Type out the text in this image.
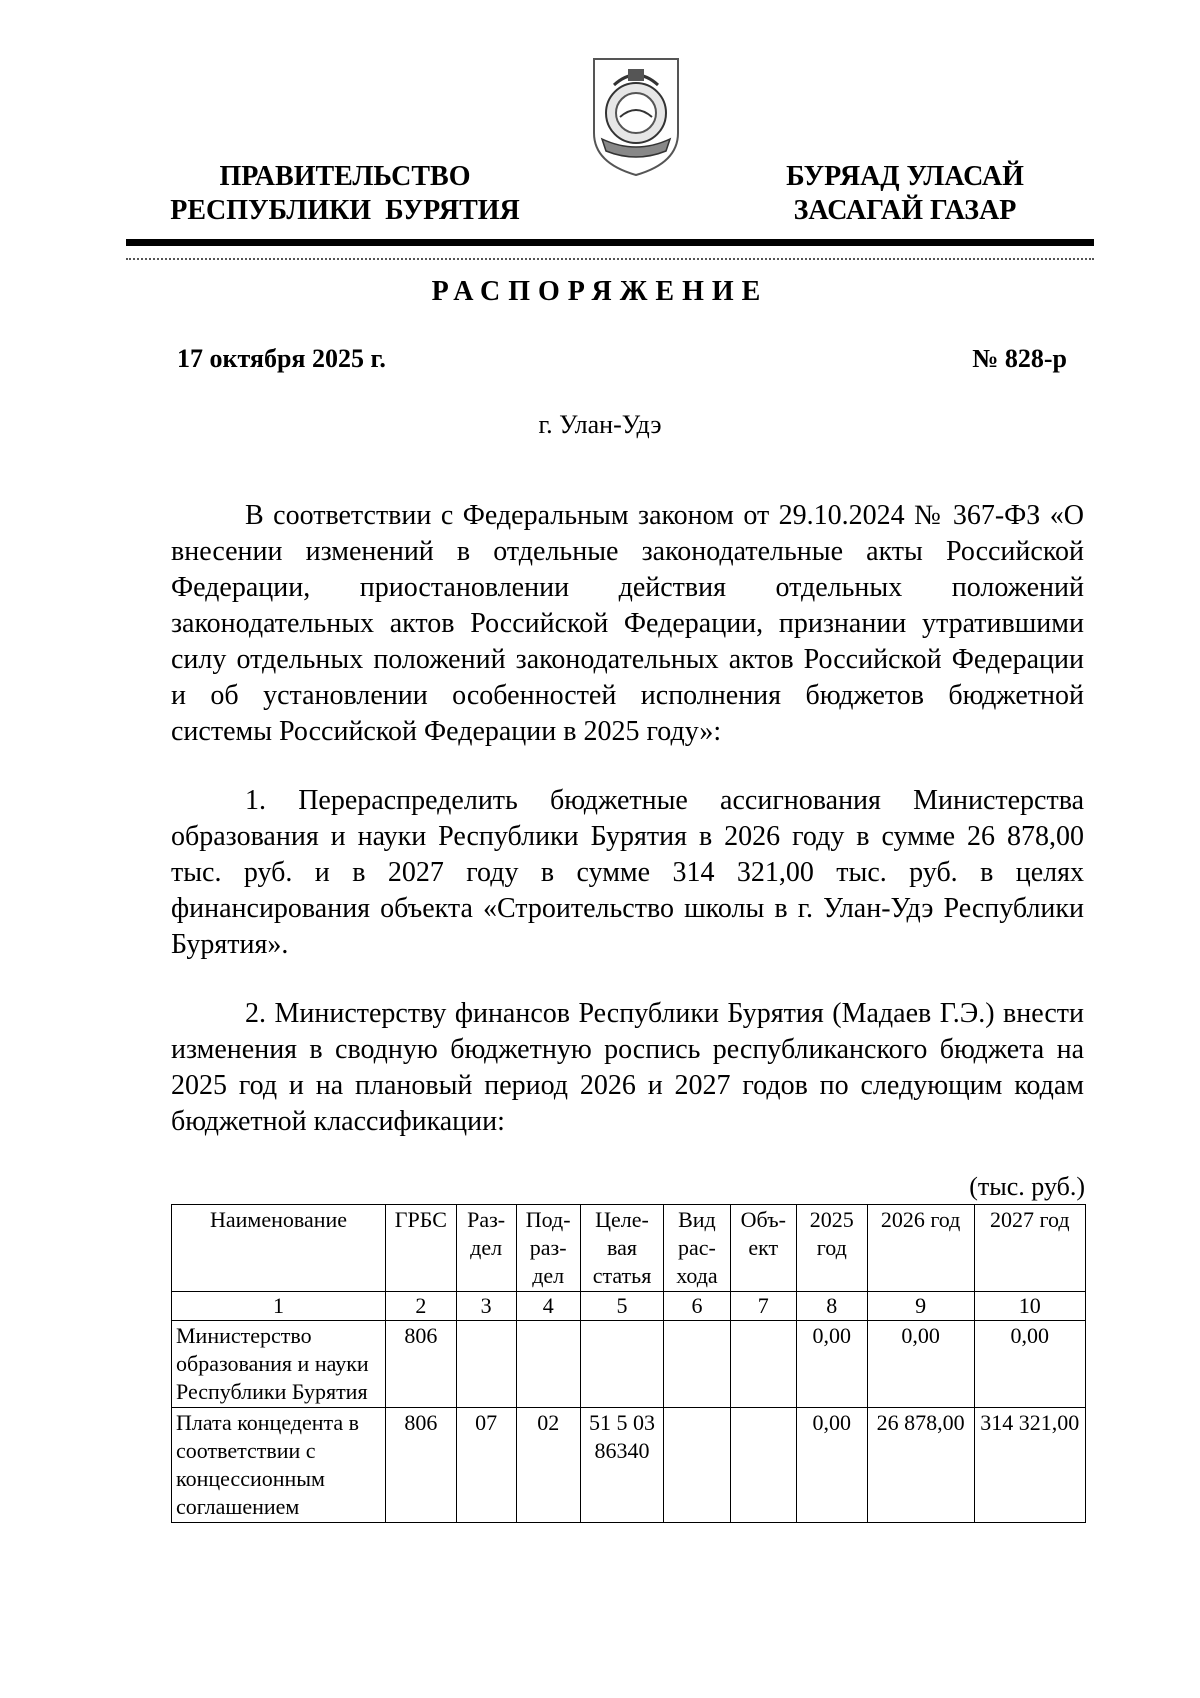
ПРАВИТЕЛЬСТВО
РЕСПУБЛИКИ  БУРЯТИЯ
БУРЯАД УЛАСАЙ
ЗАСАГАЙ ГАЗАР
РАСПОРЯЖЕНИЕ
17 октября 2025 г.	№ 828-р
г. Улан-Удэ

В соответствии с Федеральным законом от 29.10.2024 № 367-ФЗ «О внесении изменений в отдельные законодательные акты Российской Федерации, приостановлении действия отдельных положений законодательных актов Российской Федерации, признании утратившими силу отдельных положений законодательных актов Российской Федерации и об установлении особенностей исполнения бюджетов бюджетной системы Российской Федерации в 2025 году»:

1. Перераспределить бюджетные ассигнования Министерства образования и науки Республики Бурятия в 2026 году в сумме 26 878,00 тыс. руб. и в 2027 году в сумме 314 321,00 тыс. руб. в целях финансирования объекта «Строительство школы в г. Улан-Удэ Республики Бурятия».

2. Министерству финансов Республики Бурятия (Мадаев Г.Э.) внести изменения в сводную бюджетную роспись республиканского бюджета на 2025 год и на плановый период 2026 и 2027 годов по следующим кодам бюджетной классификации:

(тыс. руб.)
Наименование	ГРБС	Раз-дел	Под-раз-дел	Целе-вая статья	Вид рас-хода	Объ-ект	2025 год	2026 год	2027 год
1	2	3	4	5	6	7	8	9	10
Министерство образования и науки Республики Бурятия	806						0,00	0,00	0,00
Плата концедента в соответствии с концессионным соглашением	806	07	02	51 5 03 86340			0,00	26 878,00	314 321,00
